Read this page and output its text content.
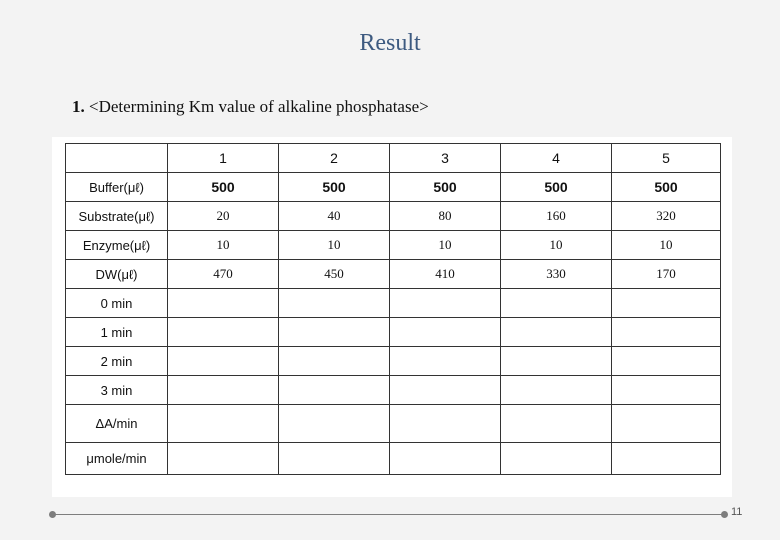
Result
1. <Determining Km value of alkaline phosphatase>
	1	2	3	4	5
Buffer(μℓ)	500	500	500	500	500
Substrate(μℓ)	20	40	80	160	320
Enzyme(μℓ)	10	10	10	10	10
DW(μℓ)	470	450	410	330	170
0 min					
1 min					
2 min					
3 min					
ΔA/min					
μmole/min					
11
